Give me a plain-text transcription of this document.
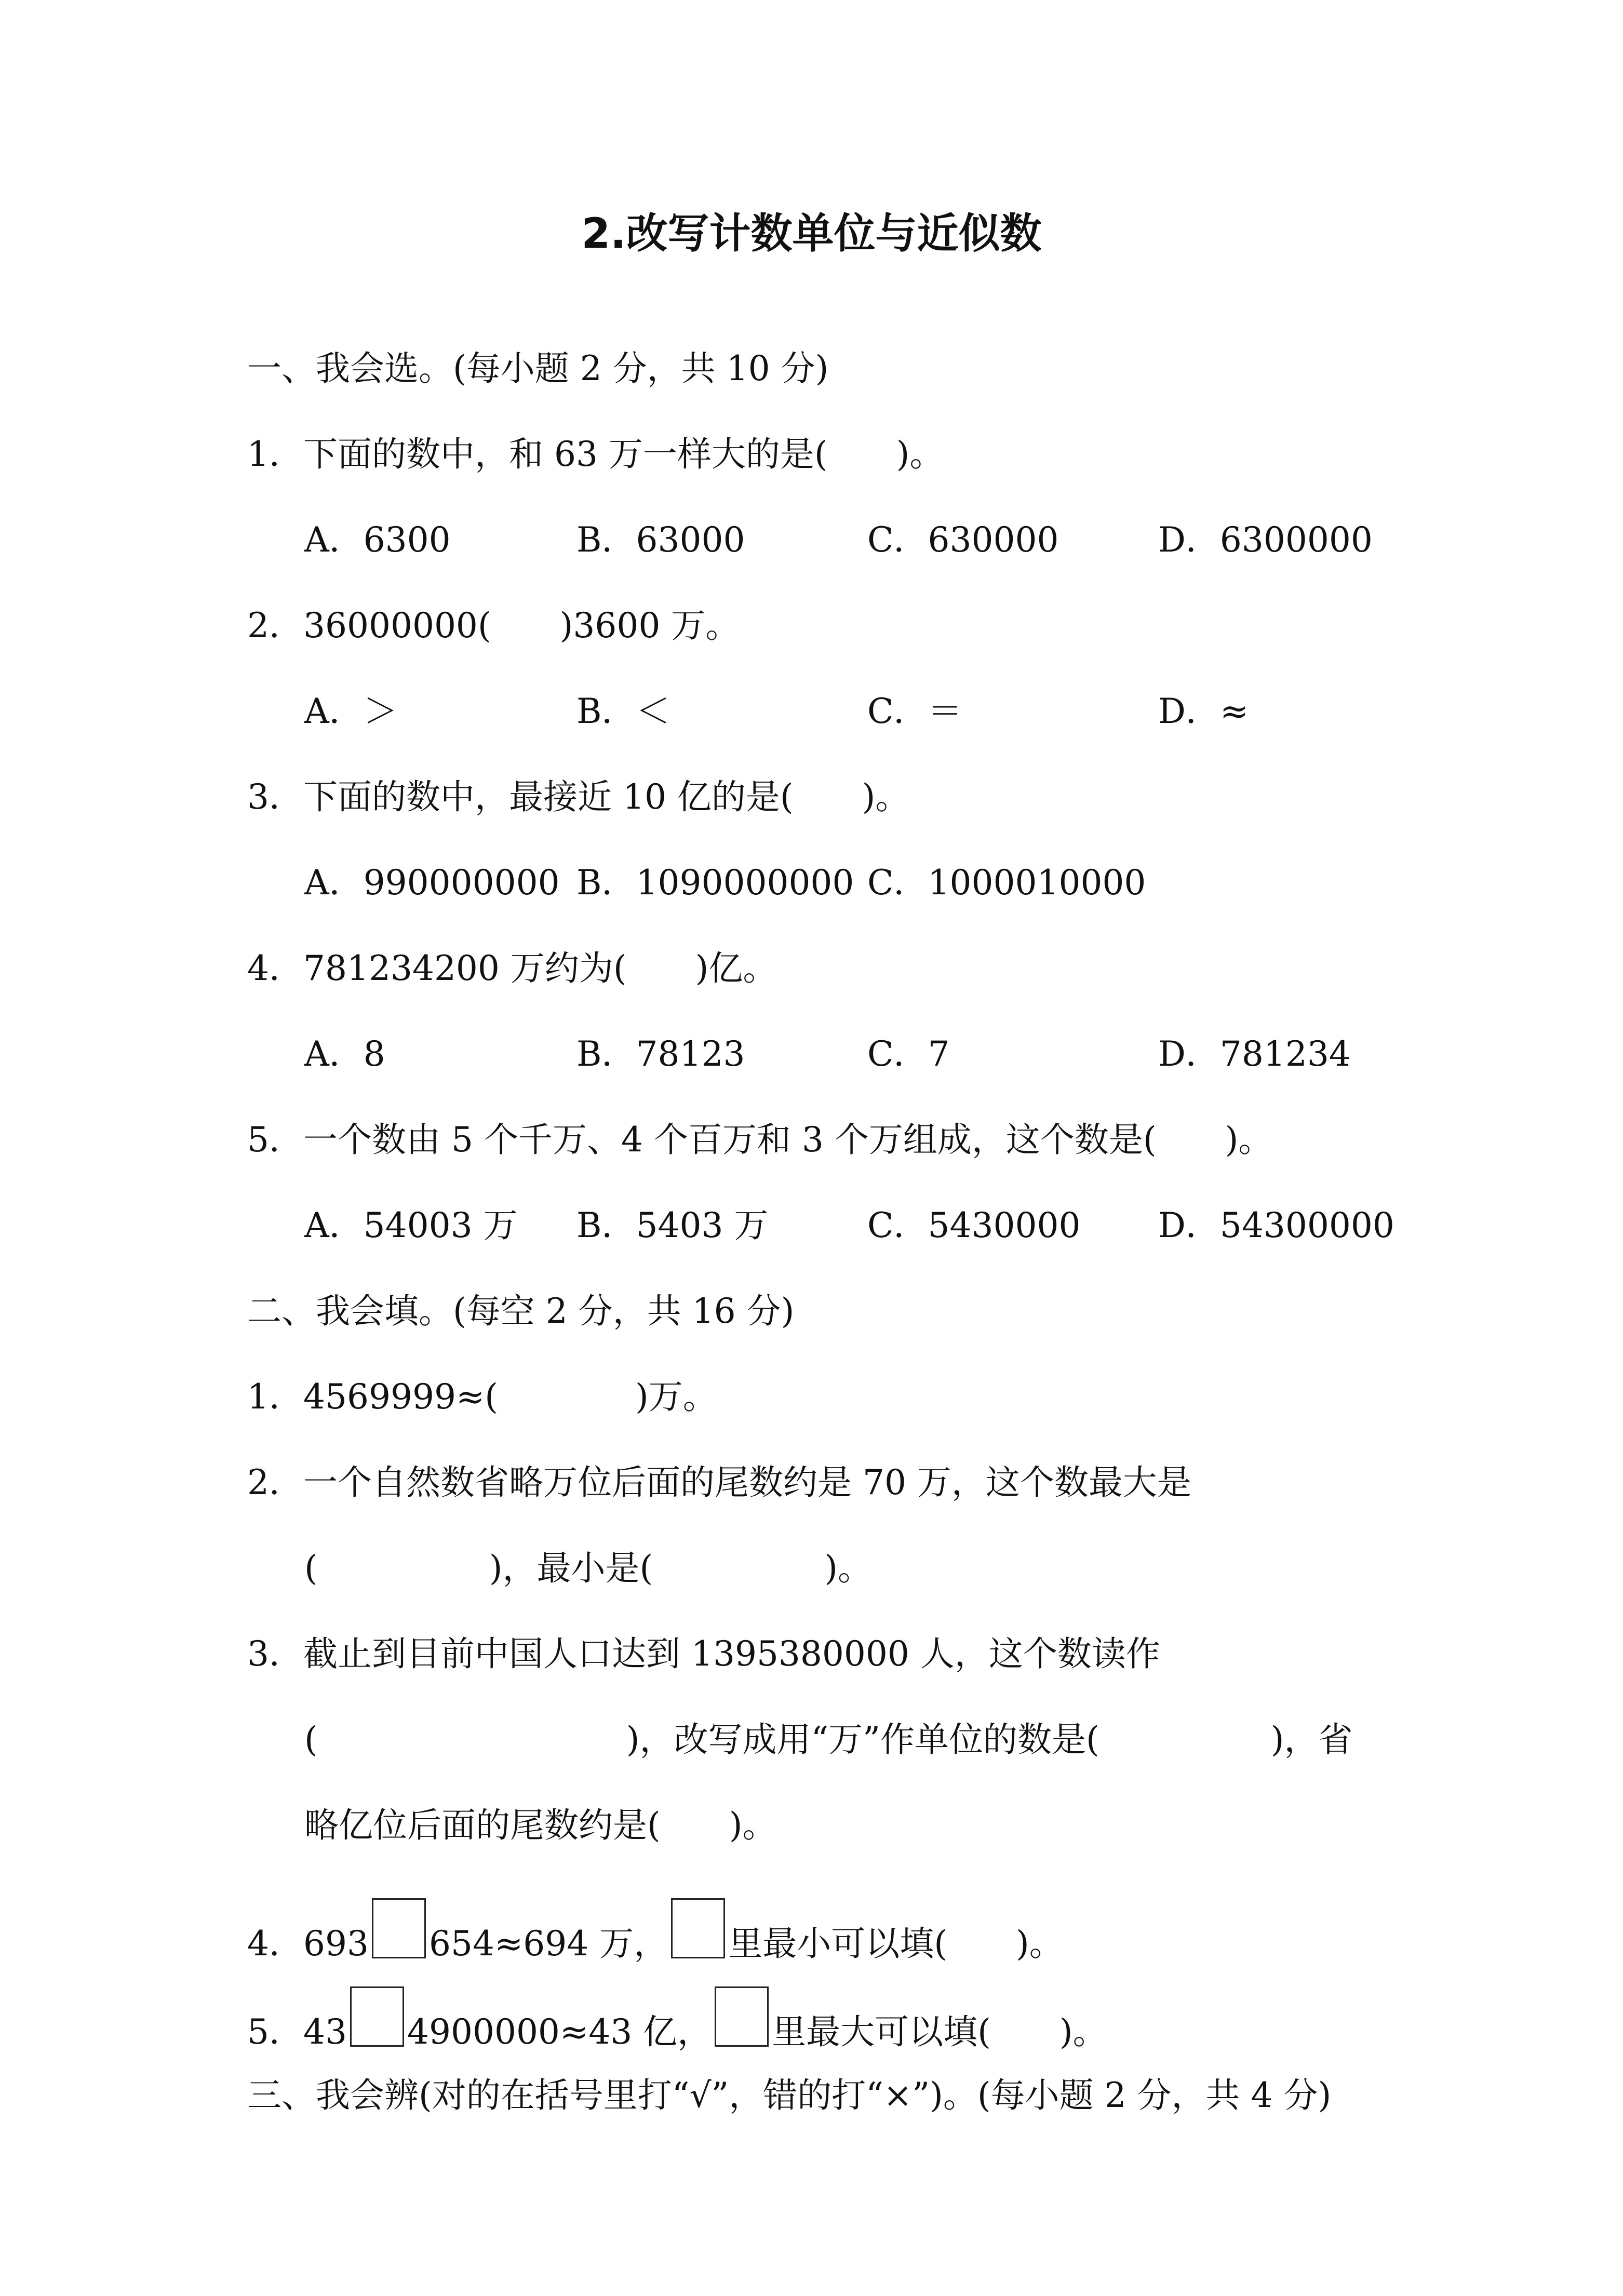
2.改写计数单位与近似数
一、我会选。(每小题 2 分，共 10 分)
1．下面的数中，和 63 万一样大的是(　　)。
A．6300	B．63000	C．630000	D．6300000
2．36000000(　　)3600 万。
A．＞	B．＜	C．＝	D．≈
3．下面的数中，最接近 10 亿的是(　　)。
A．990000000 B．1090000000 C．1000010000
4．781234200 万约为(　　)亿。
A．8	B．78123	C．7	D．781234
5．一个数由 5 个千万、4 个百万和 3 个万组成，这个数是(　　)。
A．54003 万 B．5403 万	C．5430000 D．54300000
二、我会填。(每空 2 分，共 16 分)
1．4569999≈(　　　　)万。
2．一个自然数省略万位后面的尾数约是 70 万，这个数最大是
(　　　　　)，最小是(　　　　　)。
3．截止到目前中国人口达到 1395380000 人，这个数读作
(　　　　　　　　　)，改写成用“万”作单位的数是(　　　　　)，省
略亿位后面的尾数约是(　　)。
4．693 654≈694 万， 里最小可以填(　　)。
5．43 4900000≈43 亿， 里最大可以填(　　)。
三、我会辨(对的在括号里打“√”，错的打“×”)。(每小题 2 分，共 4 分)
